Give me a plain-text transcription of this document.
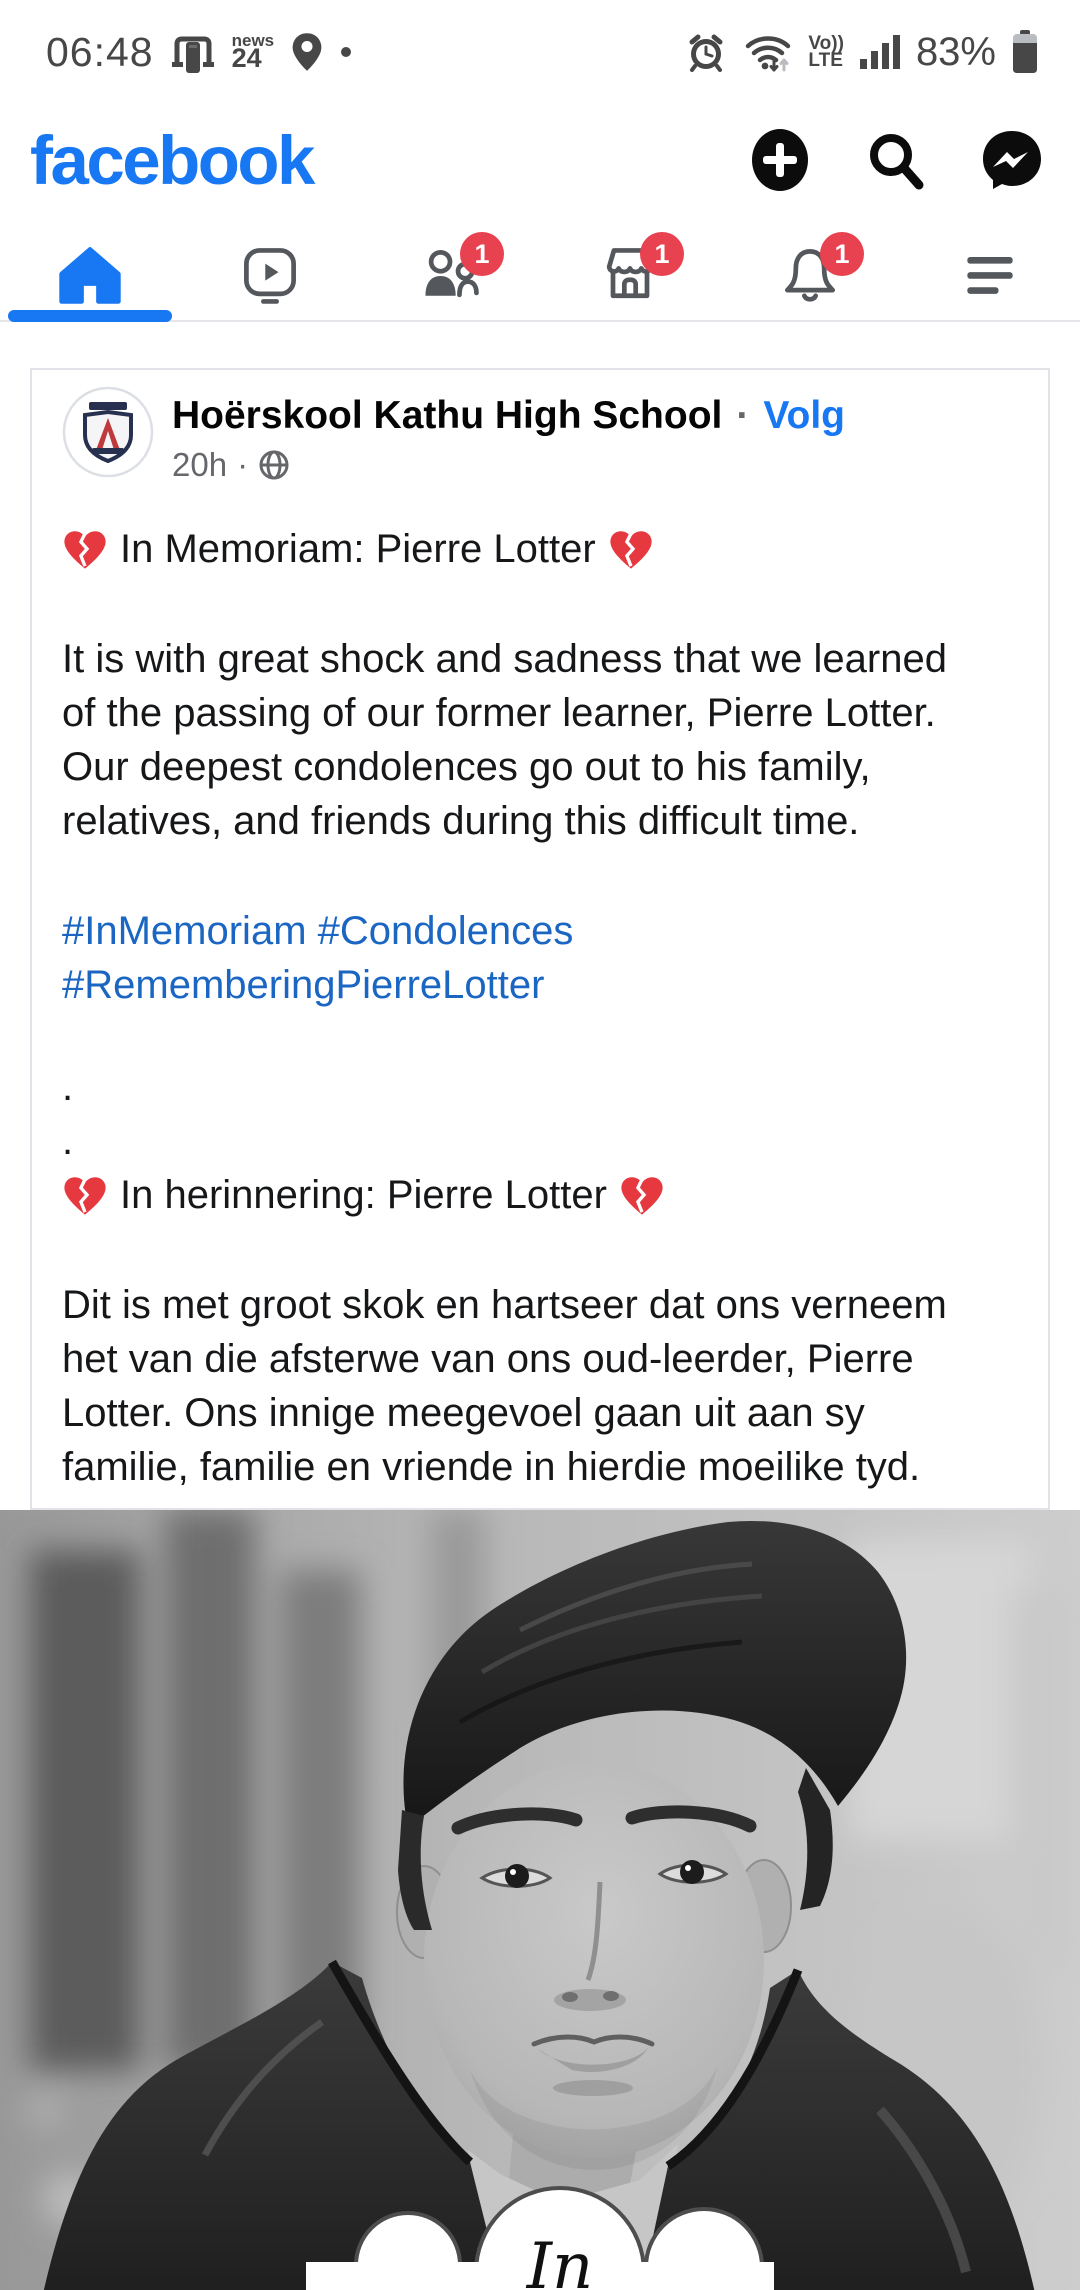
06:48	news
24	Vo))
LTE 83%
facebook
1	1	1
Hoërskool Kathu High School · Volg
20h ·
In Memoriam: Pierre Lotter
It is with great shock and sadness that we learned
of the passing of our former learner, Pierre Lotter.
Our deepest condolences go out to his family,
relatives, and friends during this difficult time.
#InMemoriam #Condolences
#RememberingPierreLotter
.
.
In herinnering: Pierre Lotter
Dit is met groot skok en hartseer dat ons verneem
het van die afsterwe van ons oud-leerder, Pierre
Lotter. Ons innige meegevoel gaan uit aan sy
familie, familie en vriende in hierdie moeilike tyd.
In
